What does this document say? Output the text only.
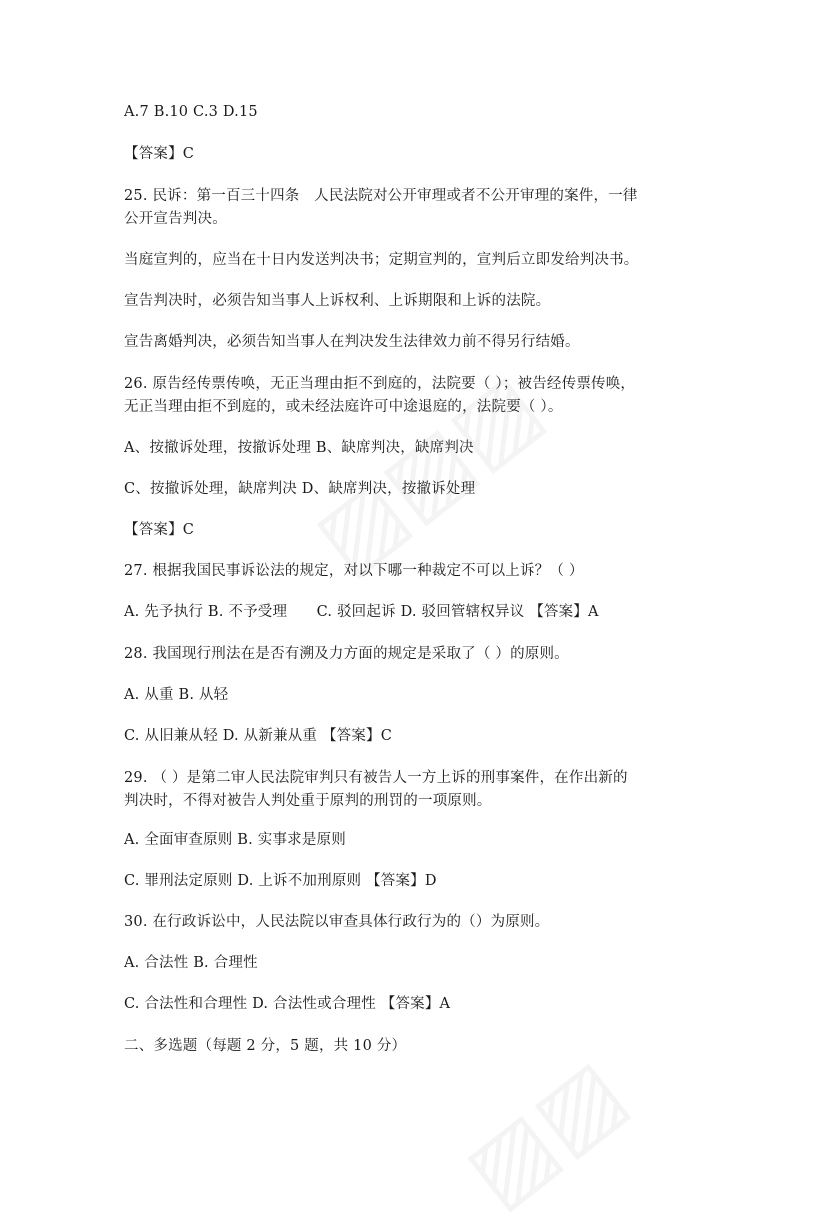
A.7 B.10 C.3 D.15
【答案】C
25. 民诉：第一百三十四条　人民法院对公开审理或者不公开审理的案件，一律
公开宣告判决。
当庭宣判的，应当在十日内发送判决书；定期宣判的，宣判后立即发给判决书。
宣告判决时，必须告知当事人上诉权利、上诉期限和上诉的法院。
宣告离婚判决，必须告知当事人在判决发生法律效力前不得另行结婚。
26. 原告经传票传唤，无正当理由拒不到庭的，法院要（ ）；被告经传票传唤，
无正当理由拒不到庭的，或未经法庭许可中途退庭的，法院要（ ）。
A、按撤诉处理，按撤诉处理 B、缺席判决，缺席判决
C、按撤诉处理，缺席判决 D、缺席判决，按撤诉处理
【答案】C
27. 根据我国民事诉讼法的规定，对以下哪一种裁定不可以上诉？（ ）
A. 先予执行 B. 不予受理　　C. 驳回起诉 D. 驳回管辖权异议 【答案】A
28. 我国现行刑法在是否有溯及力方面的规定是采取了（ ）的原则。
A. 从重 B. 从轻
C. 从旧兼从轻 D. 从新兼从重 【答案】C
29. （ ）是第二审人民法院审判只有被告人一方上诉的刑事案件，在作出新的
判决时，不得对被告人判处重于原判的刑罚的一项原则。
A. 全面审查原则 B. 实事求是原则
C. 罪刑法定原则 D. 上诉不加刑原则 【答案】D
30. 在行政诉讼中，人民法院以审查具体行政行为的（）为原则。
A. 合法性 B. 合理性
C. 合法性和合理性 D. 合法性或合理性 【答案】A
二、多选题（每题 2 分，5 题，共 10 分）
